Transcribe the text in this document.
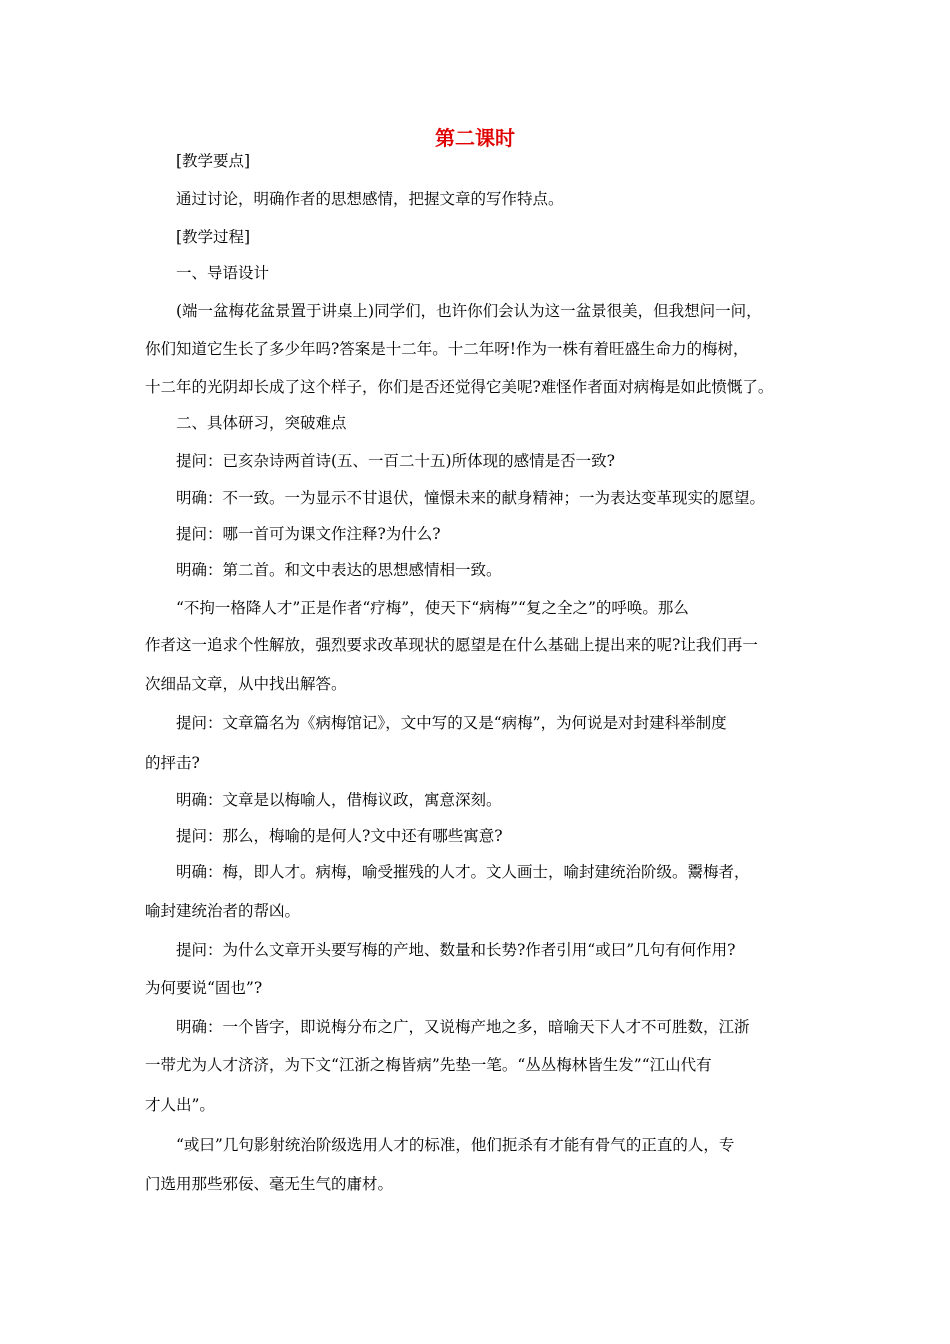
第二课时
[教学要点]
通过讨论，明确作者的思想感情，把握文章的写作特点。
[教学过程]
一、导语设计
(端一盆梅花盆景置于讲桌上)同学们，也许你们会认为这一盆景很美，但我想问一问，
你们知道它生长了多少年吗?答案是十二年。十二年呀!作为一株有着旺盛生命力的梅树，
十二年的光阴却长成了这个样子，你们是否还觉得它美呢?难怪作者面对病梅是如此愤慨了。
二、具体研习，突破难点
提问：已亥杂诗两首诗(五、一百二十五)所体现的感情是否一致?
明确：不一致。一为显示不甘退伏，憧憬未来的献身精神；一为表达变革现实的愿望。
提问：哪一首可为课文作注释?为什么?
明确：第二首。和文中表达的思想感情相一致。
“不拘一格降人才”正是作者“疗梅”，使天下“病梅”“复之全之”的呼唤。那么
作者这一追求个性解放，强烈要求改革现状的愿望是在什么基础上提出来的呢?让我们再一
次细品文章，从中找出解答。
提问：文章篇名为《病梅馆记》，文中写的又是“病梅”，为何说是对封建科举制度
的抨击?
明确：文章是以梅喻人，借梅议政，寓意深刻。
提问：那么，梅喻的是何人?文中还有哪些寓意?
明确：梅，即人才。病梅，喻受摧残的人才。文人画士，喻封建统治阶级。鬻梅者，
喻封建统治者的帮凶。
提问：为什么文章开头要写梅的产地、数量和长势?作者引用“或曰”几句有何作用?
为何要说“固也”?
明确：一个皆字，即说梅分布之广，又说梅产地之多，暗喻天下人才不可胜数，江浙
一带尤为人才济济，为下文“江浙之梅皆病”先垫一笔。“丛丛梅林皆生发”“江山代有
才人出”。
“或曰”几句影射统治阶级选用人才的标准，他们扼杀有才能有骨气的正直的人，专
门选用那些邪佞、毫无生气的庸材。
